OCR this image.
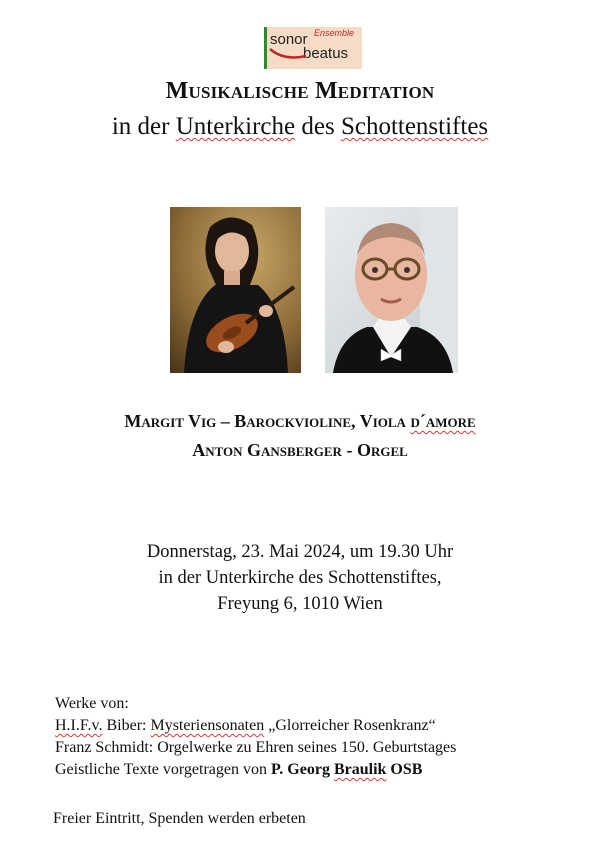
sonor Ensemble
beatus
Musikalische Meditation
in der Unterkirche des Schottenstiftes
Margit Vig – Barockvioline, Viola d´amore
Anton Gansberger - Orgel
Donnerstag, 23. Mai 2024, um 19.30 Uhr
in der Unterkirche des Schottenstiftes,
Freyung 6, 1010 Wien
Werke von:
H.I.F.v. Biber: Mysteriensonaten „Glorreicher Rosenkranz“
Franz Schmidt: Orgelwerke zu Ehren seines 150. Geburtstages
Geistliche Texte vorgetragen von P. Georg Braulik OSB
Freier Eintritt, Spenden werden erbeten
